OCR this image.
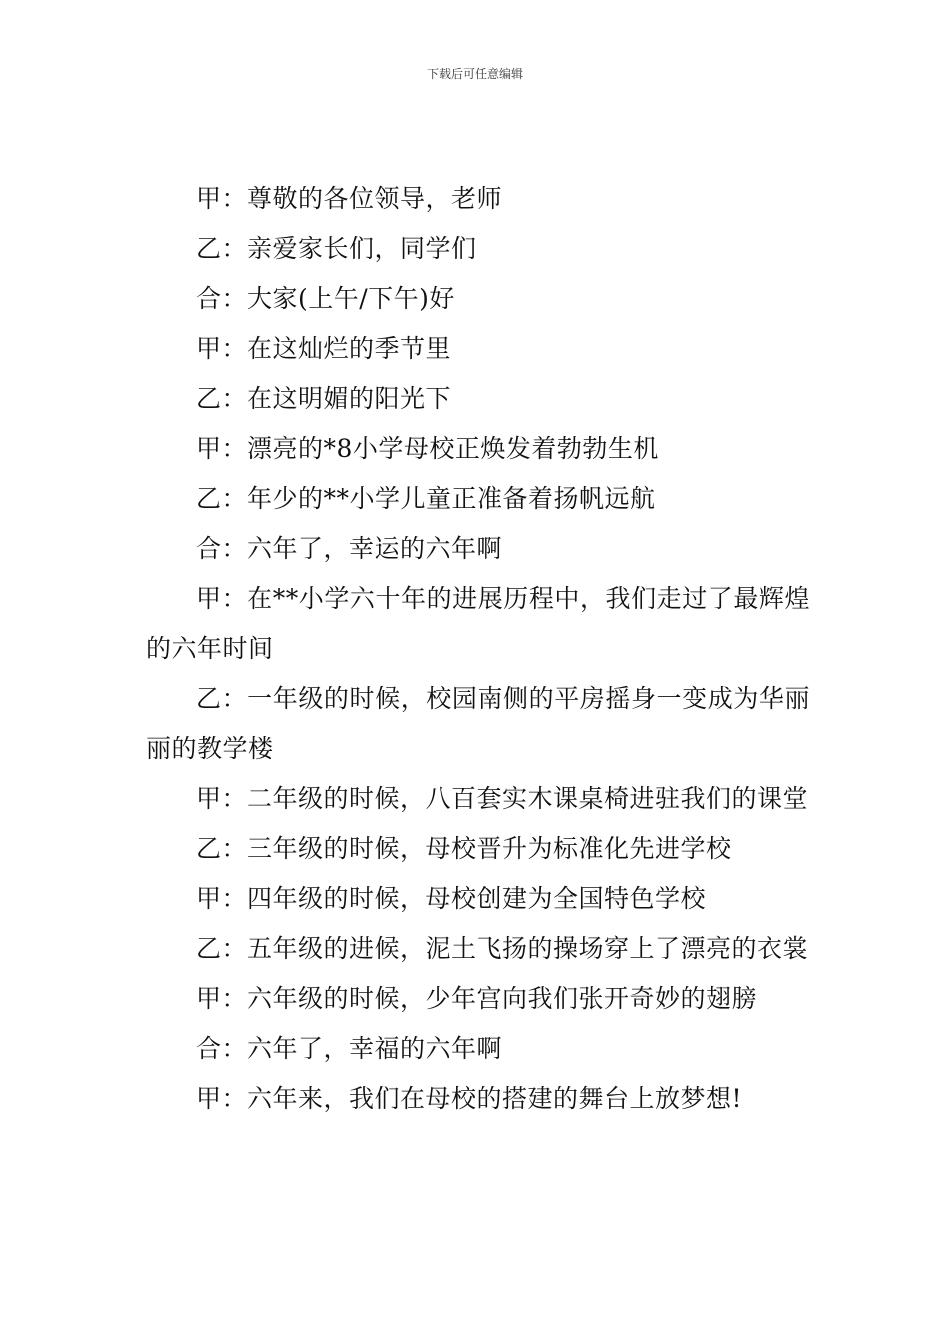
下载后可任意编辑

甲：尊敬的各位领导，老师

乙：亲爱家长们，同学们

合：大家(上午/下午)好

甲：在这灿烂的季节里

乙：在这明媚的阳光下

甲：漂亮的*8小学母校正焕发着勃勃生机

乙：年少的**小学儿童正准备着扬帆远航

合：六年了，幸运的六年啊

甲：在**小学六十年的进展历程中，我们走过了最辉煌的六年时间

乙：一年级的时候，校园南侧的平房摇身一变成为华丽丽的教学楼

甲：二年级的时候，八百套实木课桌椅进驻我们的课堂

乙：三年级的时候，母校晋升为标准化先进学校

甲：四年级的时候，母校创建为全国特色学校

乙：五年级的进候，泥土飞扬的操场穿上了漂亮的衣裳

甲：六年级的时候，少年宫向我们张开奇妙的翅膀

合：六年了，幸福的六年啊

甲：六年来，我们在母校的搭建的舞台上放梦想!
